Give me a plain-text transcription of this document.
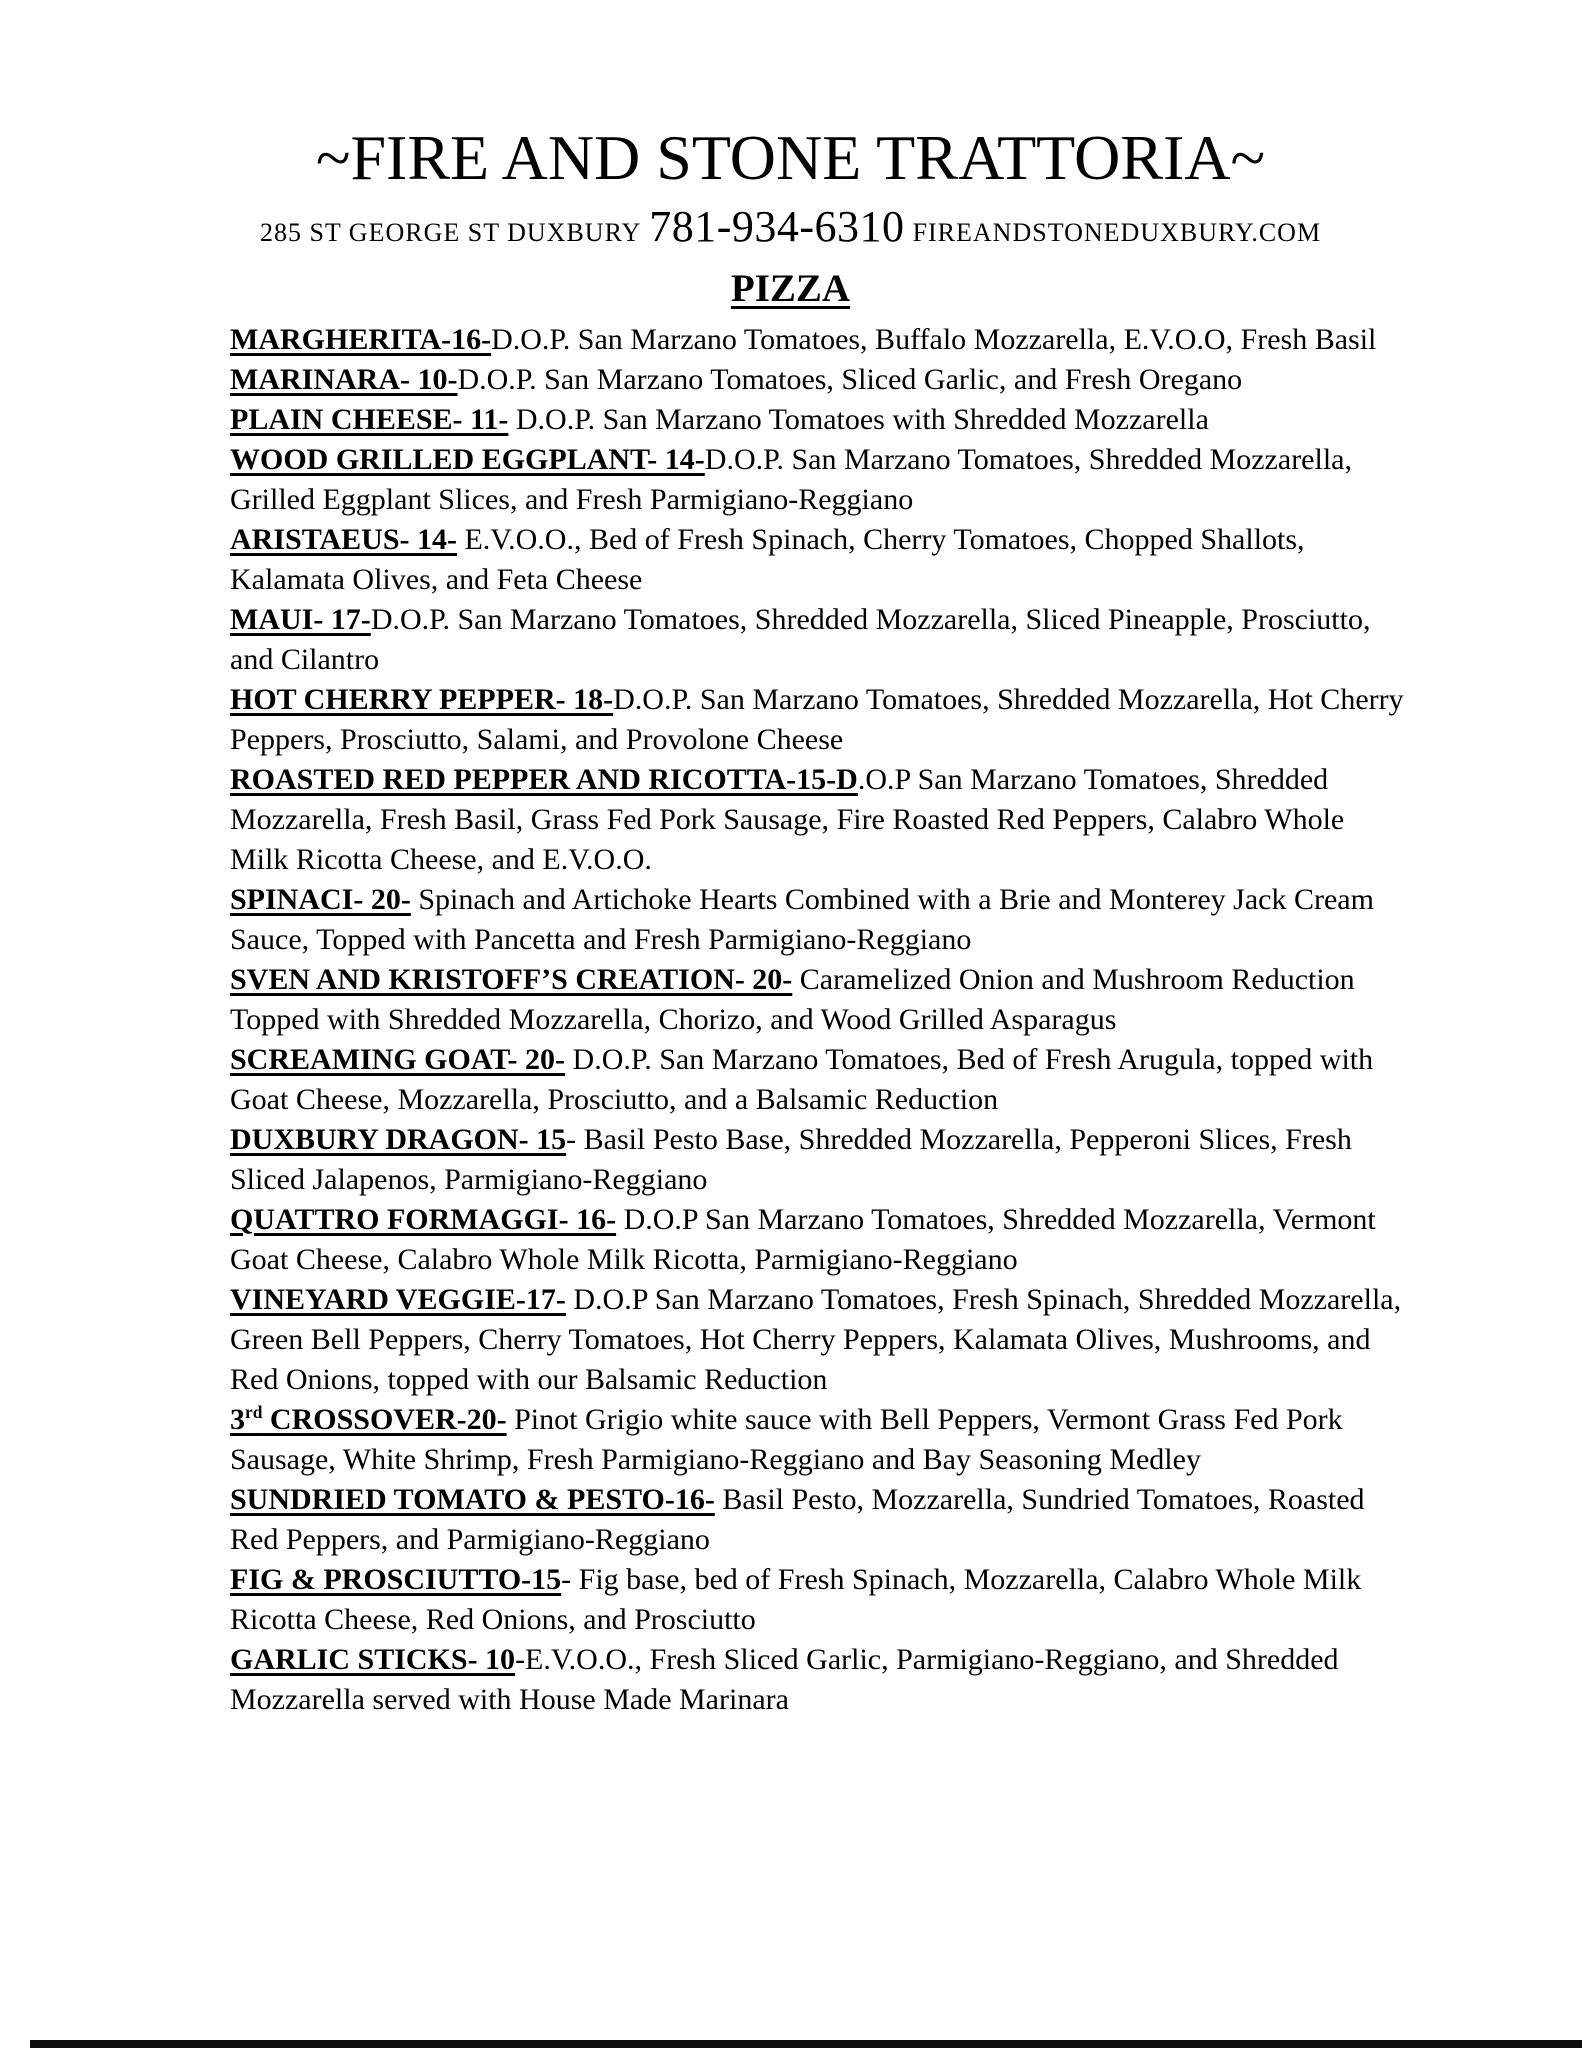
~FIRE AND STONE TRATTORIA~
285 ST GEORGE ST DUXBURY 781-934-6310 FIREANDSTONEDUXBURY.COM
PIZZA

MARGHERITA-16-D.O.P. San Marzano Tomatoes, Buffalo Mozzarella, E.V.O.O, Fresh Basil

MARINARA- 10-D.O.P. San Marzano Tomatoes, Sliced Garlic, and Fresh Oregano

PLAIN CHEESE- 11- D.O.P. San Marzano Tomatoes with Shredded Mozzarella

WOOD GRILLED EGGPLANT- 14-D.O.P. San Marzano Tomatoes, Shredded Mozzarella, Grilled Eggplant Slices, and Fresh Parmigiano-Reggiano

ARISTAEUS- 14- E.V.O.O., Bed of Fresh Spinach, Cherry Tomatoes, Chopped Shallots, Kalamata Olives, and Feta Cheese

MAUI- 17-D.O.P. San Marzano Tomatoes, Shredded Mozzarella, Sliced Pineapple, Prosciutto, and Cilantro

HOT CHERRY PEPPER- 18-D.O.P. San Marzano Tomatoes, Shredded Mozzarella, Hot Cherry Peppers, Prosciutto, Salami, and Provolone Cheese

ROASTED RED PEPPER AND RICOTTA-15-D.O.P San Marzano Tomatoes, Shredded Mozzarella, Fresh Basil, Grass Fed Pork Sausage, Fire Roasted Red Peppers, Calabro Whole Milk Ricotta Cheese, and E.V.O.O.

SPINACI- 20- Spinach and Artichoke Hearts Combined with a Brie and Monterey Jack Cream Sauce, Topped with Pancetta and Fresh Parmigiano-Reggiano

SVEN AND KRISTOFF’S CREATION- 20- Caramelized Onion and Mushroom Reduction Topped with Shredded Mozzarella, Chorizo, and Wood Grilled Asparagus

SCREAMING GOAT- 20- D.O.P. San Marzano Tomatoes, Bed of Fresh Arugula, topped with Goat Cheese, Mozzarella, Prosciutto, and a Balsamic Reduction

DUXBURY DRAGON- 15- Basil Pesto Base, Shredded Mozzarella, Pepperoni Slices, Fresh Sliced Jalapenos, Parmigiano-Reggiano

QUATTRO FORMAGGI- 16- D.O.P San Marzano Tomatoes, Shredded Mozzarella, Vermont Goat Cheese, Calabro Whole Milk Ricotta, Parmigiano-Reggiano

VINEYARD VEGGIE-17- D.O.P San Marzano Tomatoes, Fresh Spinach, Shredded Mozzarella, Green Bell Peppers, Cherry Tomatoes, Hot Cherry Peppers, Kalamata Olives, Mushrooms, and Red Onions, topped with our Balsamic Reduction

3rd CROSSOVER-20- Pinot Grigio white sauce with Bell Peppers, Vermont Grass Fed Pork Sausage, White Shrimp, Fresh Parmigiano-Reggiano and Bay Seasoning Medley

SUNDRIED TOMATO & PESTO-16- Basil Pesto, Mozzarella, Sundried Tomatoes, Roasted Red Peppers, and Parmigiano-Reggiano

FIG & PROSCIUTTO-15- Fig base, bed of Fresh Spinach, Mozzarella, Calabro Whole Milk Ricotta Cheese, Red Onions, and Prosciutto

GARLIC STICKS- 10-E.V.O.O., Fresh Sliced Garlic, Parmigiano-Reggiano, and Shredded Mozzarella served with House Made Marinara
